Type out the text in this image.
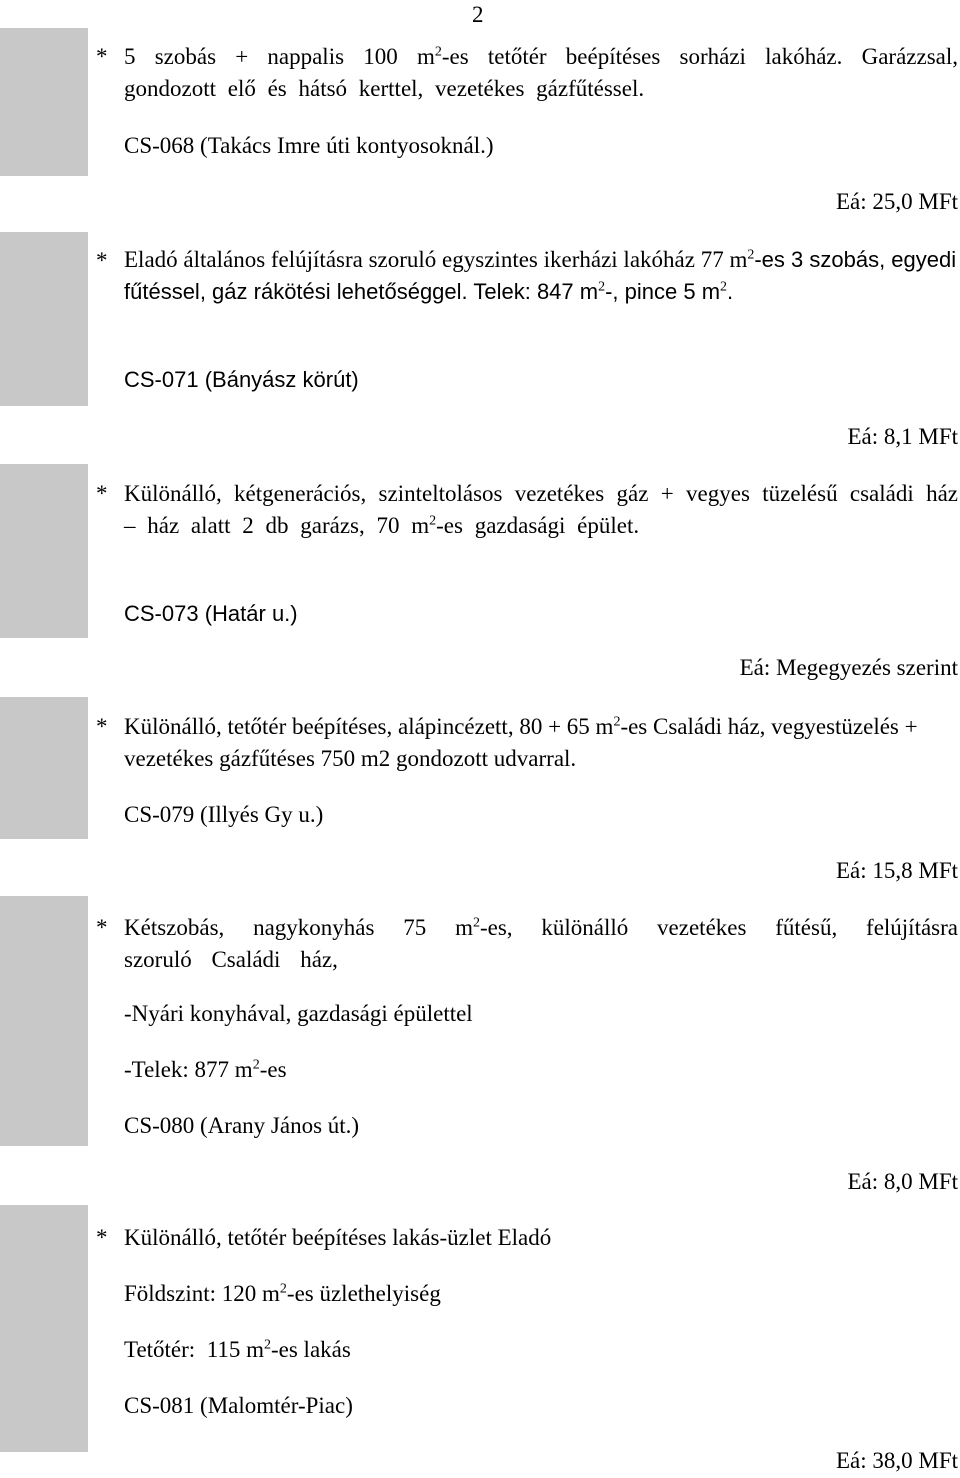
2
* 5 szobás + nappalis 100 $m^2-es$ tetőtér beépítéses sorházi lakóház. Garázzsal, gondozott elő és hátsó kerttel, vezetékes gázfűtéssel.
CS-068 (Takács Imre úti kontyosoknál.)
Eá: 25,0 MFt
* Eladó általános felújításra szoruló egyszintes ikerházi lakóház 77 $m^2-es$ 3 szobás, egyedi fűtéssel, gáz rákötési lehetőséggel. Telek: 847 $m^2-$, pince 5 $m^2$.
CS-071 (Bányász körút)
Eá: 8,1 MFt
* Különálló, kétgenerációs, szinteltolásos vezetékes gáz + vegyes tüzelésű családi ház – ház alatt 2 db garázs, 70 $m^2-es$ gazdasági épület.
CS-073 (Határ u.)
Eá: Megegyezés szerint
* Különálló, tetőtér beépítéses, alápincézett, 80 + 65 $m^2-es$ Családi ház, vegyestüzelés + vezetékes gázfűtéses 750 m2 gondozott udvarral.
CS-079 (Illyés Gy u.)
Eá: 15,8 MFt
* Kétszobás, nagykonyhás 75 $m^2-es$, különálló vezetékes fűtésű, felújításra szoruló Családi ház,
-Nyári konyhával, gazdasági épülettel
-Telek: 877 $m^2-es$
CS-080 (Arany János út.)
Eá: 8,0 MFt
* Különálló, tetőtér beépítéses lakás-üzlet Eladó
Földszint: 120 $m^2-es$ üzlethelyiség
Tetőtér:  115 $m^2-es$ lakás
CS-081 (Malomtér-Piac)
Eá: 38,0 MFt
